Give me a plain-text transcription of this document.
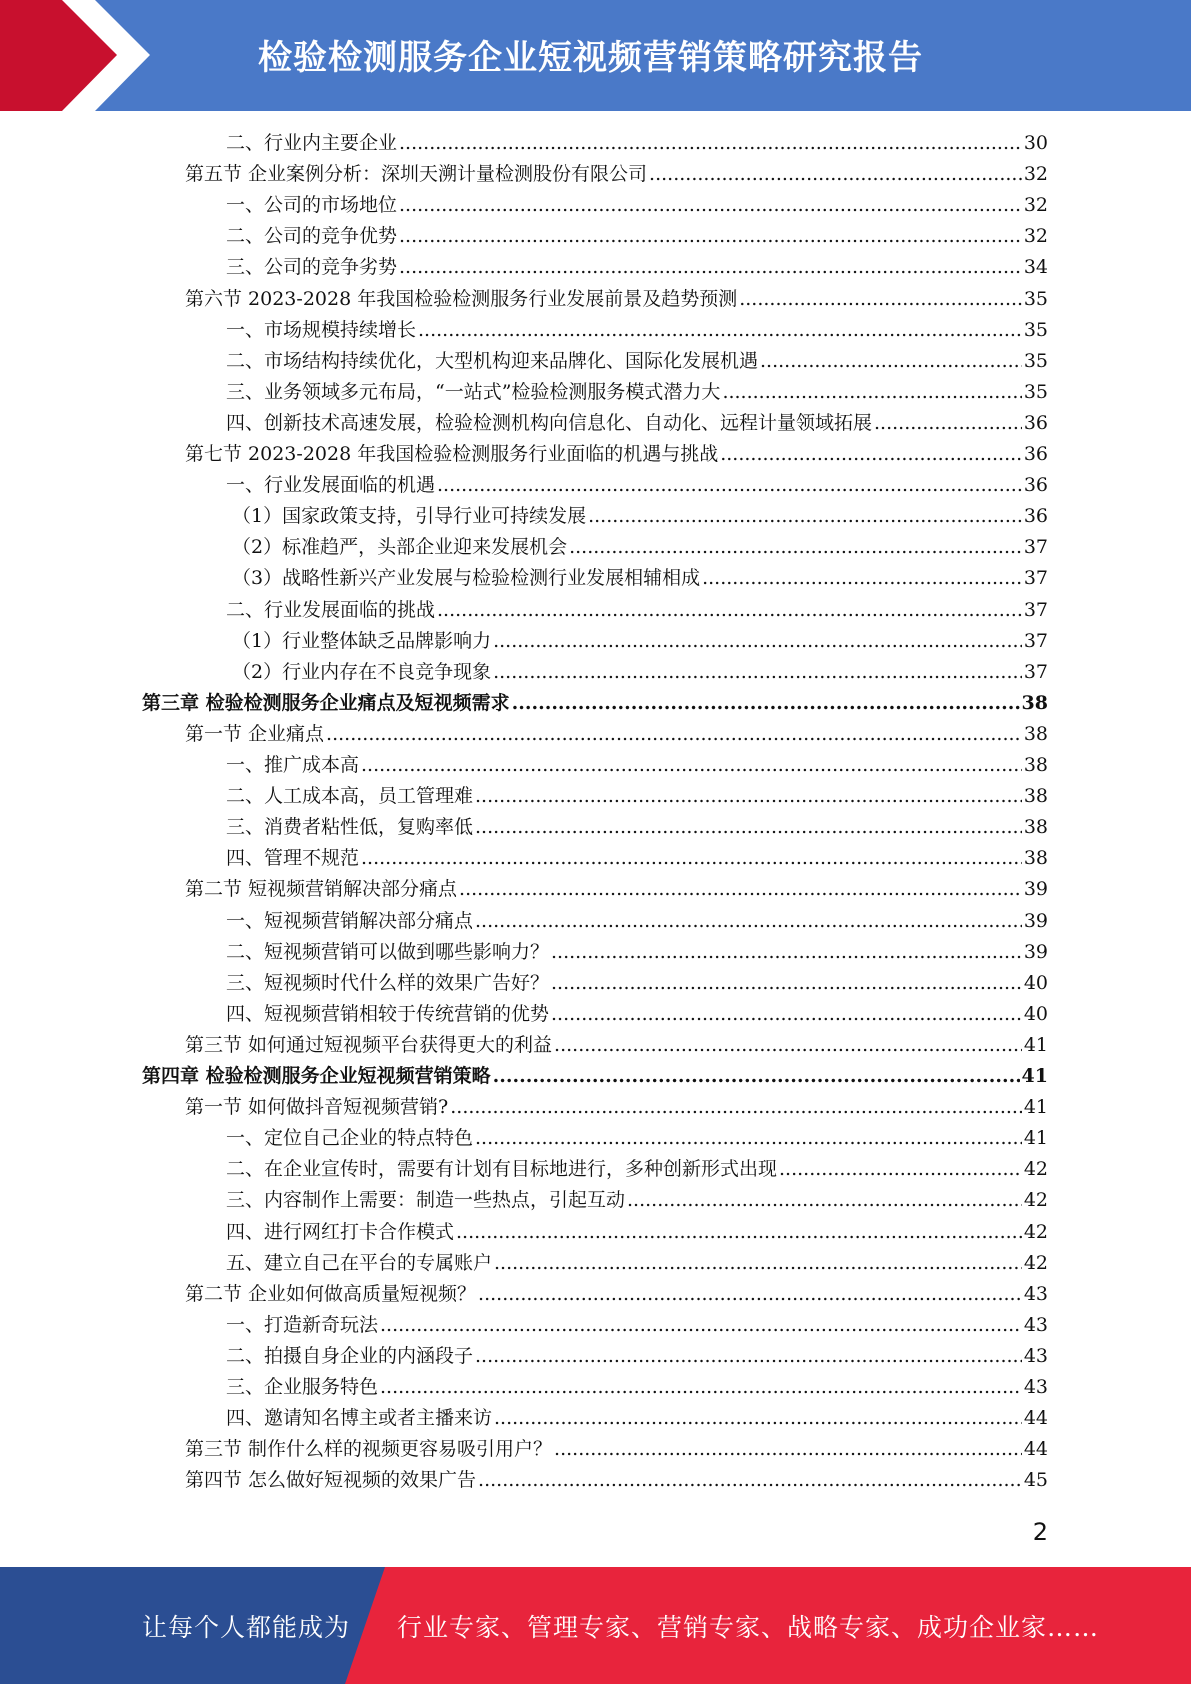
检验检测服务企业短视频营销策略研究报告
二、行业内主要企业 .....	30
第五节 企业案例分析：深圳天溯计量检测股份有限公司 .....	32
一、公司的市场地位 .....	32
二、公司的竞争优势 .....	32
三、公司的竞争劣势 .....	34
第六节 2023-2028 年我国检验检测服务行业发展前景及趋势预测 .....	35
一、市场规模持续增长 .....	35
二、市场结构持续优化，大型机构迎来品牌化、国际化发展机遇 .....	35
三、业务领域多元布局，“一站式”检验检测服务模式潜力大 .....	35
四、创新技术高速发展，检验检测机构向信息化、自动化、远程计量领域拓展 .....	36
第七节 2023-2028 年我国检验检测服务行业面临的机遇与挑战 .....	36
一、行业发展面临的机遇 .....	36
（1）国家政策支持，引导行业可持续发展 .....	36
（2）标准趋严，头部企业迎来发展机会 .....	37
（3）战略性新兴产业发展与检验检测行业发展相辅相成 .....	37
二、行业发展面临的挑战 .....	37
（1）行业整体缺乏品牌影响力 .....	37
（2）行业内存在不良竞争现象 .....	37
第三章 检验检测服务企业痛点及短视频需求 .....	38
第一节 企业痛点 .....	38
一、推广成本高 .....	38
二、人工成本高，员工管理难 .....	38
三、消费者粘性低，复购率低 .....	38
四、管理不规范 .....	38
第二节 短视频营销解决部分痛点 .....	39
一、短视频营销解决部分痛点 .....	39
二、短视频营销可以做到哪些影响力？ .....	39
三、短视频时代什么样的效果广告好？ .....	40
四、短视频营销相较于传统营销的优势 .....	40
第三节 如何通过短视频平台获得更大的利益 .....	41
第四章 检验检测服务企业短视频营销策略 .....	41
第一节 如何做抖音短视频营销? .....	41
一、定位自己企业的特点特色 .....	41
二、在企业宣传时，需要有计划有目标地进行，多种创新形式出现 .....	42
三、内容制作上需要：制造一些热点，引起互动 .....	42
四、进行网红打卡合作模式 .....	42
五、建立自己在平台的专属账户 .....	42
第二节 企业如何做高质量短视频？ .....	43
一、打造新奇玩法 .....	43
二、拍摄自身企业的内涵段子 .....	43
三、企业服务特色 .....	43
四、邀请知名博主或者主播来访 .....	44
第三节 制作什么样的视频更容易吸引用户？ .....	44
第四节 怎么做好短视频的效果广告 .....	45
2
让每个人都能成为 行业专家、管理专家、营销专家、战略专家、成功企业家……
